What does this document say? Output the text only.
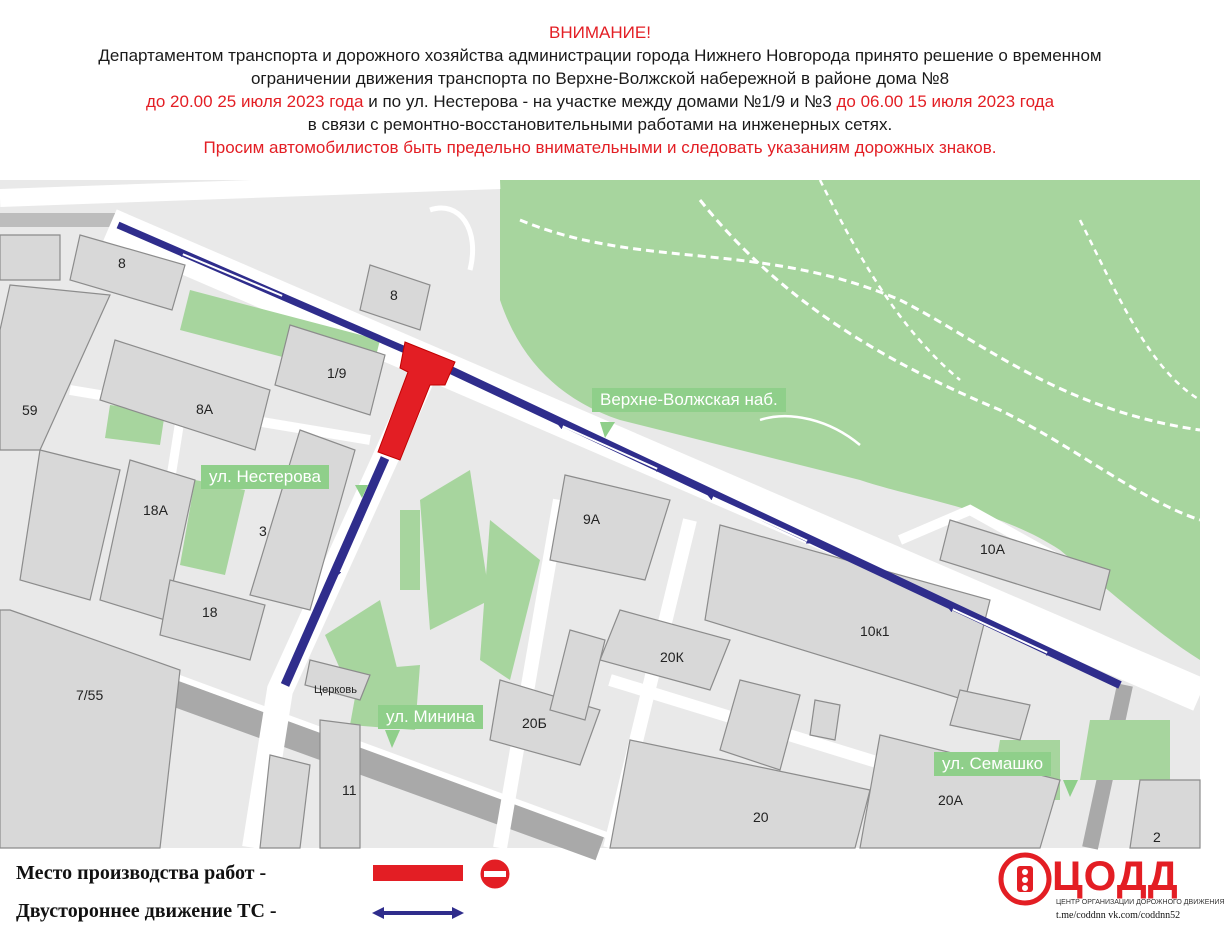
ВНИМАНИЕ!
Департаментом транспорта и дорожного хозяйства администрации города Нижнего Новгорода принято решение о временном
ограничении движения транспорта по Верхне-Волжской набережной в районе дома №8
до 20.00 25 июля 2023 года и по ул. Нестерова - на участке между домами №1/9 и №3 до 06.00 15 июля 2023 года
в связи с ремонтно-восстановительными работами на инженерных сетях.
Просим автомобилистов быть предельно внимательными и следовать указаниям дорожных знаков.
8
8
1/9
8А
59
18А
3
18
7/55	Церковь
11
9А
20К
20Б
20
10к1
10А
20А
2
ул. Нестерова
Верхне-Волжская наб.
ул. Минина
ул. Семашко
Место производства работ -
Двустороннее движение ТС -
ЦОДД
ЦЕНТР ОРГАНИЗАЦИИ ДОРОЖНОГО ДВИЖЕНИЯ
t.me/coddnn vk.com/coddnn52
